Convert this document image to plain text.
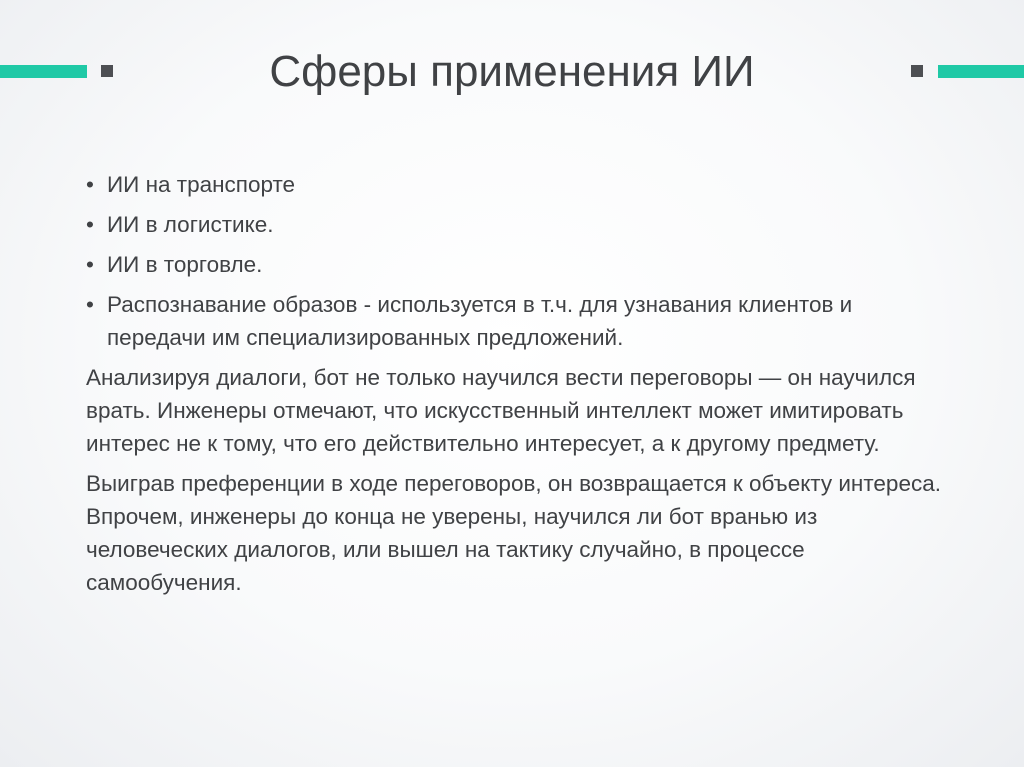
Сферы применения ИИ
• ИИ на транспорте
• ИИ в логистике.
• ИИ в торговле.
• Распознавание образов - используется в т.ч. для узнавания клиентов и передачи им специализированных предложений.

Анализируя диалоги, бот не только научился вести переговоры — он научился врать. Инженеры отмечают, что искусственный интеллект может имитировать интерес не к тому, что его действительно интересует, а к другому предмету.

Выиграв преференции в ходе переговоров, он возвращается к объекту интереса. Впрочем, инженеры до конца не уверены, научился ли бот вранью из человеческих диалогов, или вышел на тактику случайно, в процессе самообучения.
